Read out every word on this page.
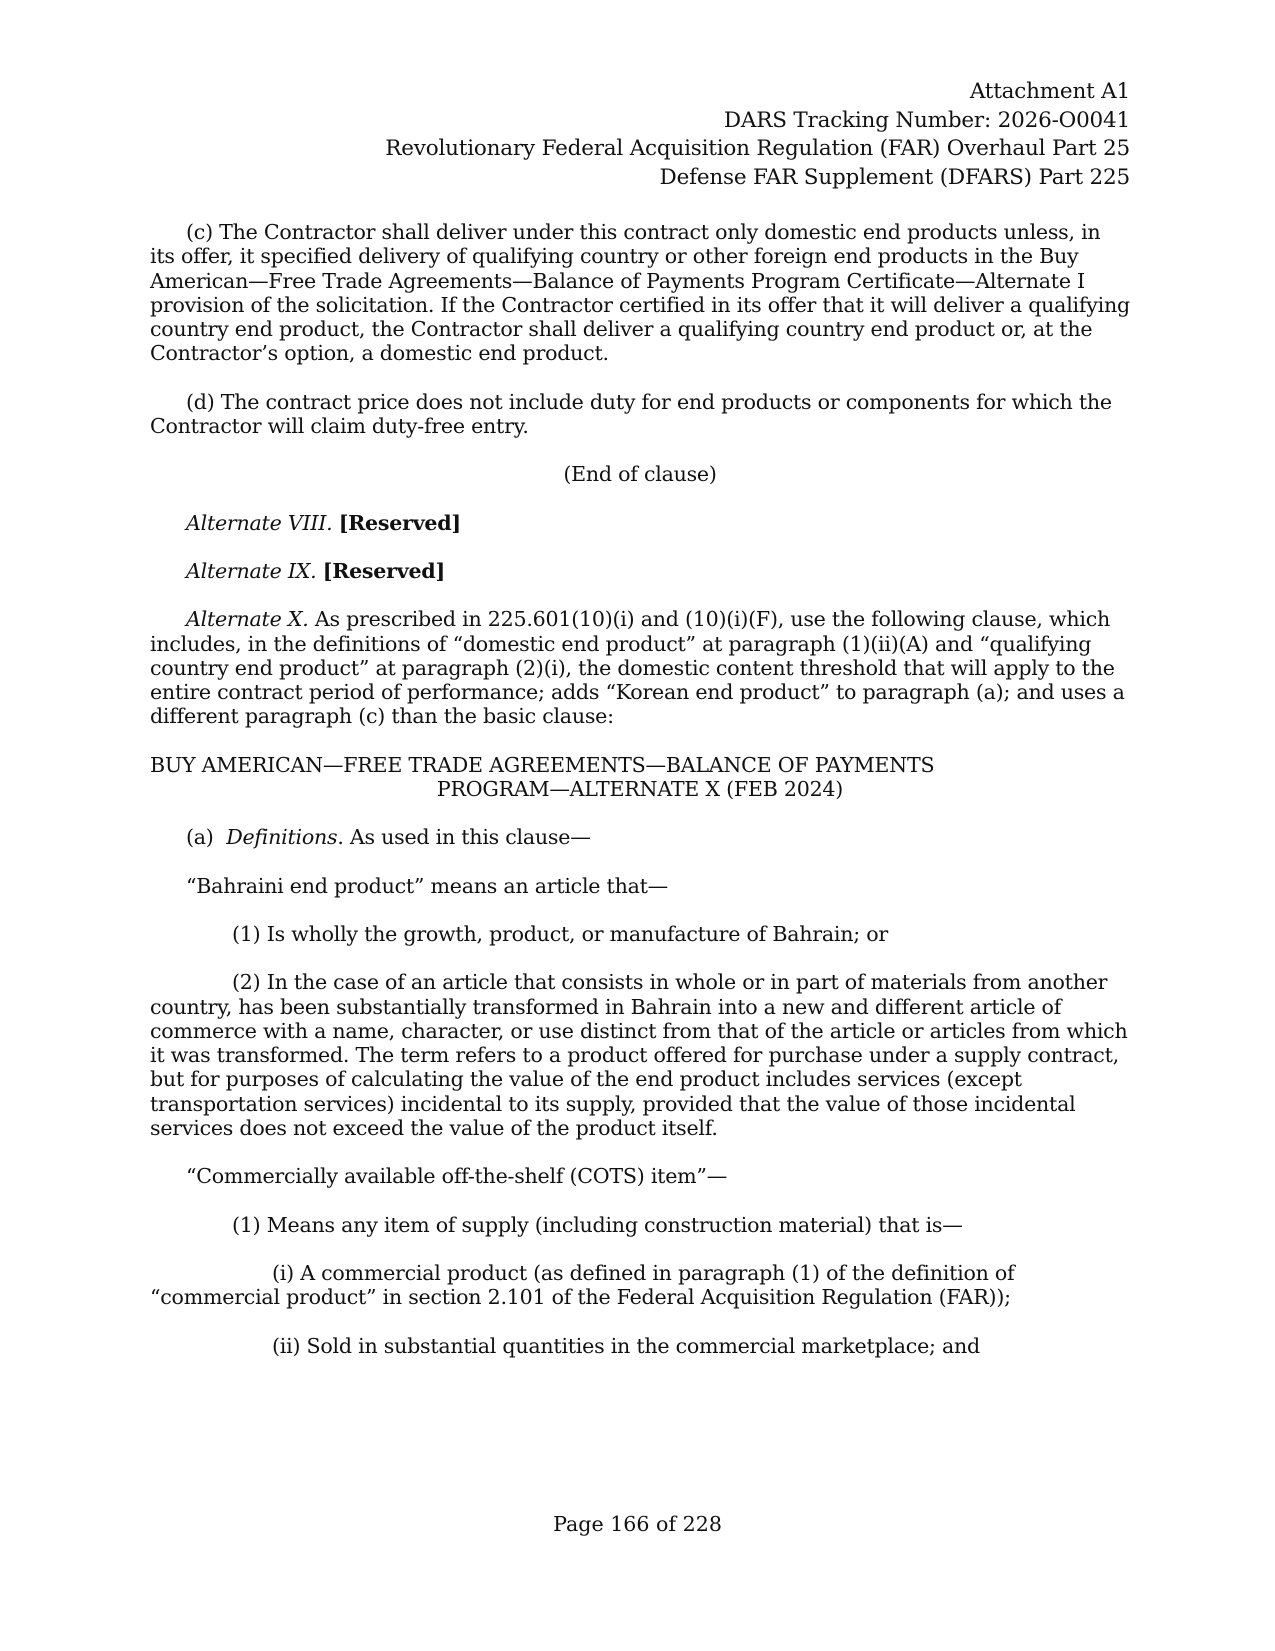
Attachment A1
DARS Tracking Number: 2026-O0041
Revolutionary Federal Acquisition Regulation (FAR) Overhaul Part 25
Defense FAR Supplement (DFARS) Part 225

(c) The Contractor shall deliver under this contract only domestic end products unless, in its offer, it specified delivery of qualifying country or other foreign end products in the Buy American—Free Trade Agreements—Balance of Payments Program Certificate—Alternate I provision of the solicitation. If the Contractor certified in its offer that it will deliver a qualifying country end product, the Contractor shall deliver a qualifying country end product or, at the Contractor’s option, a domestic end product.

(d) The contract price does not include duty for end products or components for which the Contractor will claim duty-free entry.

(End of clause)

Alternate VIII. [Reserved]

Alternate IX. [Reserved]

Alternate X. As prescribed in 225.601(10)(i) and (10)(i)(F), use the following clause, which includes, in the definitions of “domestic end product” at paragraph (1)(ii)(A) and “qualifying country end product” at paragraph (2)(i), the domestic content threshold that will apply to the entire contract period of performance; adds “Korean end product” to paragraph (a); and uses a different paragraph (c) than the basic clause:

BUY AMERICAN—FREE TRADE AGREEMENTS—BALANCE OF PAYMENTS

PROGRAM—ALTERNATE X (FEB 2024)

(a)  Definitions. As used in this clause—

“Bahraini end product” means an article that—

(1) Is wholly the growth, product, or manufacture of Bahrain; or

(2) In the case of an article that consists in whole or in part of materials from another country, has been substantially transformed in Bahrain into a new and different article of commerce with a name, character, or use distinct from that of the article or articles from which it was transformed. The term refers to a product offered for purchase under a supply contract, but for purposes of calculating the value of the end product includes services (except transportation services) incidental to its supply, provided that the value of those incidental services does not exceed the value of the product itself.

“Commercially available off-the-shelf (COTS) item”—

(1) Means any item of supply (including construction material) that is—

(i) A commercial product (as defined in paragraph (1) of the definition of “commercial product” in section 2.101 of the Federal Acquisition Regulation (FAR));

(ii) Sold in substantial quantities in the commercial marketplace; and

Page 166 of 228
